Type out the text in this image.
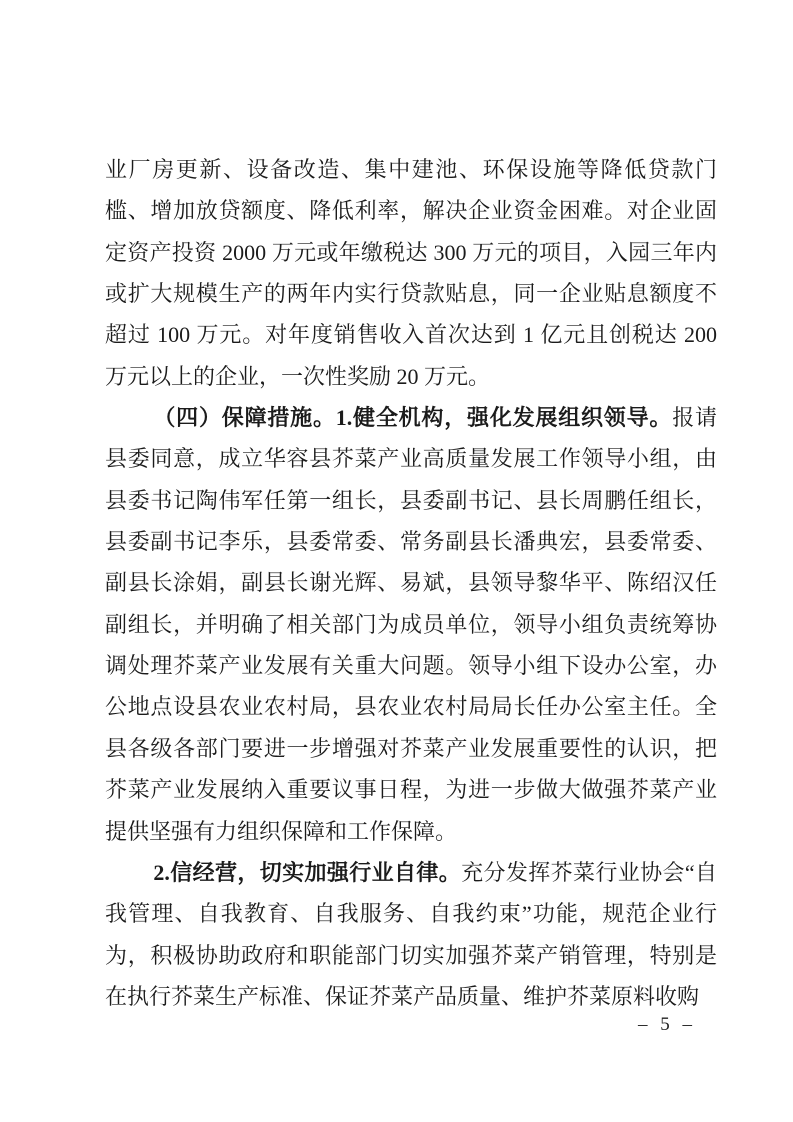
业厂房更新、设备改造、集中建池、环保设施等降低贷款门槛、增加放贷额度、降低利率，解决企业资金困难。对企业固定资产投资 2000 万元或年缴税达 300 万元的项目，入园三年内或扩大规模生产的两年内实行贷款贴息，同一企业贴息额度不超过 100 万元。对年度销售收入首次达到 1 亿元且创税达 200 万元以上的企业，一次性奖励 20 万元。

（四）保障措施。1.健全机构，强化发展组织领导。报请县委同意，成立华容县芥菜产业高质量发展工作领导小组，由县委书记陶伟军任第一组长，县委副书记、县长周鹏任组长，县委副书记李乐，县委常委、常务副县长潘典宏，县委常委、副县长涂娟，副县长谢光辉、易斌，县领导黎华平、陈绍汉任副组长，并明确了相关部门为成员单位，领导小组负责统筹协调处理芥菜产业发展有关重大问题。领导小组下设办公室，办公地点设县农业农村局，县农业农村局局长任办公室主任。全县各级各部门要进一步增强对芥菜产业发展重要性的认识，把芥菜产业发展纳入重要议事日程，为进一步做大做强芥菜产业提供坚强有力组织保障和工作保障。

2.信经营，切实加强行业自律。充分发挥芥菜行业协会“自我管理、自我教育、自我服务、自我约束”功能，规范企业行为，积极协助政府和职能部门切实加强芥菜产销管理，特别是在执行芥菜生产标准、保证芥菜产品质量、维护芥菜原料收购

– 5 –
